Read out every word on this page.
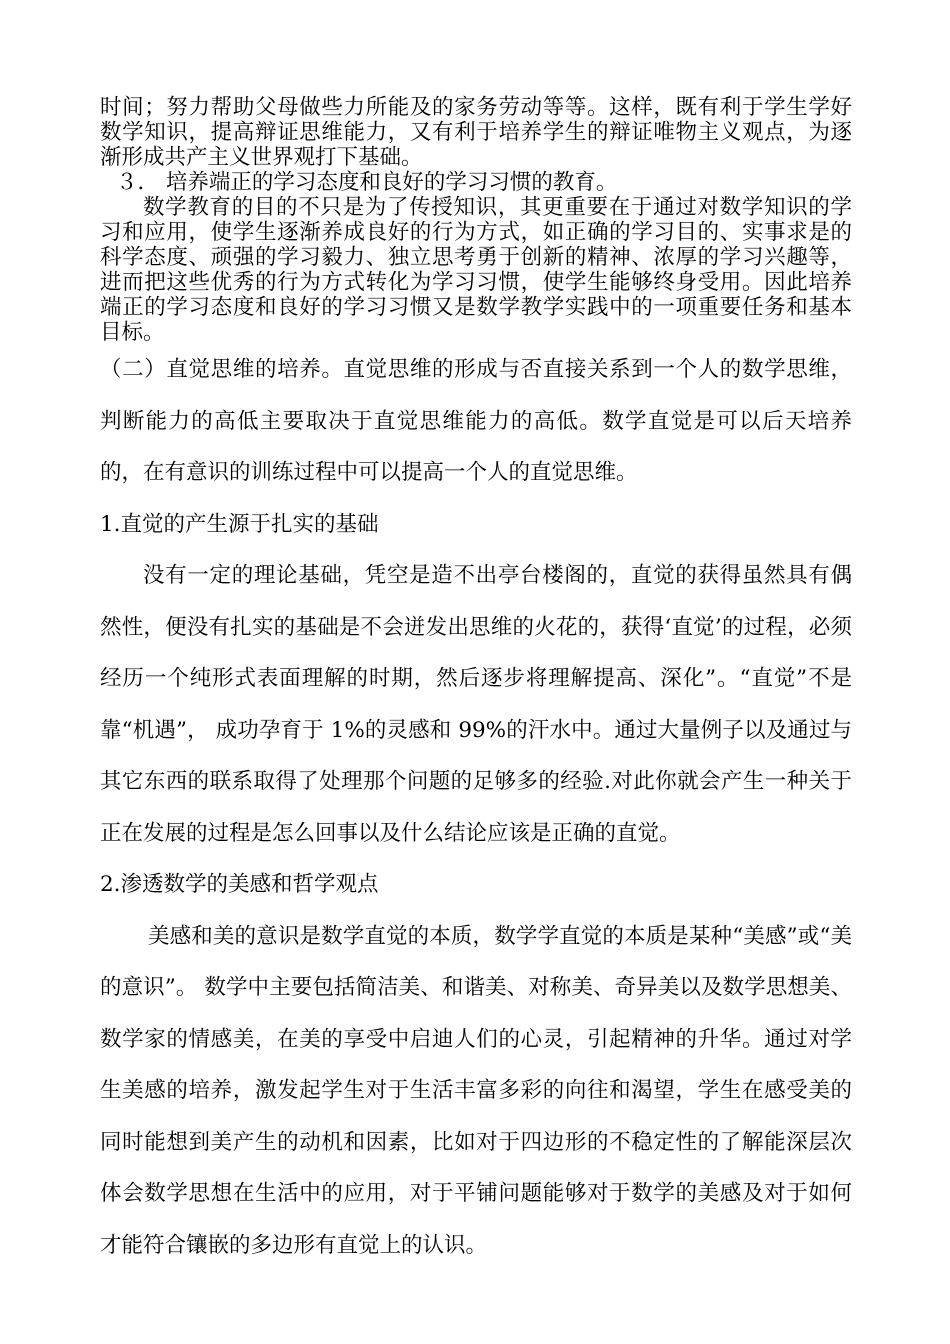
时间；努力帮助父母做些力所能及的家务劳动等等。这样，既有利于学生学好数学知识，提高辩证思维能力，又有利于培养学生的辩证唯物主义观点，为逐渐形成共产主义世界观打下基础。

３． 培养端正的学习态度和良好的学习习惯的教育。

数学教育的目的不只是为了传授知识，其更重要在于通过对数学知识的学习和应用，使学生逐渐养成良好的行为方式，如正确的学习目的、实事求是的科学态度、顽强的学习毅力、独立思考勇于创新的精神、浓厚的学习兴趣等，进而把这些优秀的行为方式转化为学习习惯，使学生能够终身受用。因此培养端正的学习态度和良好的学习习惯又是数学教学实践中的一项重要任务和基本目标。

（二）直觉思维的培养。直觉思维的形成与否直接关系到一个人的数学思维，判断能力的高低主要取决于直觉思维能力的高低。数学直觉是可以后天培养的，在有意识的训练过程中可以提高一个人的直觉思维。

1.直觉的产生源于扎实的基础

没有一定的理论基础，凭空是造不出亭台楼阁的，直觉的获得虽然具有偶然性，便没有扎实的基础是不会迸发出思维的火花的，获得‘直觉’的过程，必须经历一个纯形式表面理解的时期，然后逐步将理解提高、深化”。“直觉”不是靠“机遇”， 成功孕育于 1%的灵感和 99%的汗水中。通过大量例子以及通过与其它东西的联系取得了处理那个问题的足够多的经验.对此你就会产生一种关于正在发展的过程是怎么回事以及什么结论应该是正确的直觉。

2.渗透数学的美感和哲学观点

美感和美的意识是数学直觉的本质，数学学直觉的本质是某种“美感”或“美的意识”。 数学中主要包括简洁美、和谐美、对称美、奇异美以及数学思想美、数学家的情感美，在美的享受中启迪人们的心灵，引起精神的升华。通过对学生美感的培养，激发起学生对于生活丰富多彩的向往和渴望，学生在感受美的同时能想到美产生的动机和因素，比如对于四边形的不稳定性的了解能深层次体会数学思想在生活中的应用，对于平铺问题能够对于数学的美感及对于如何才能符合镶嵌的多边形有直觉上的认识。
